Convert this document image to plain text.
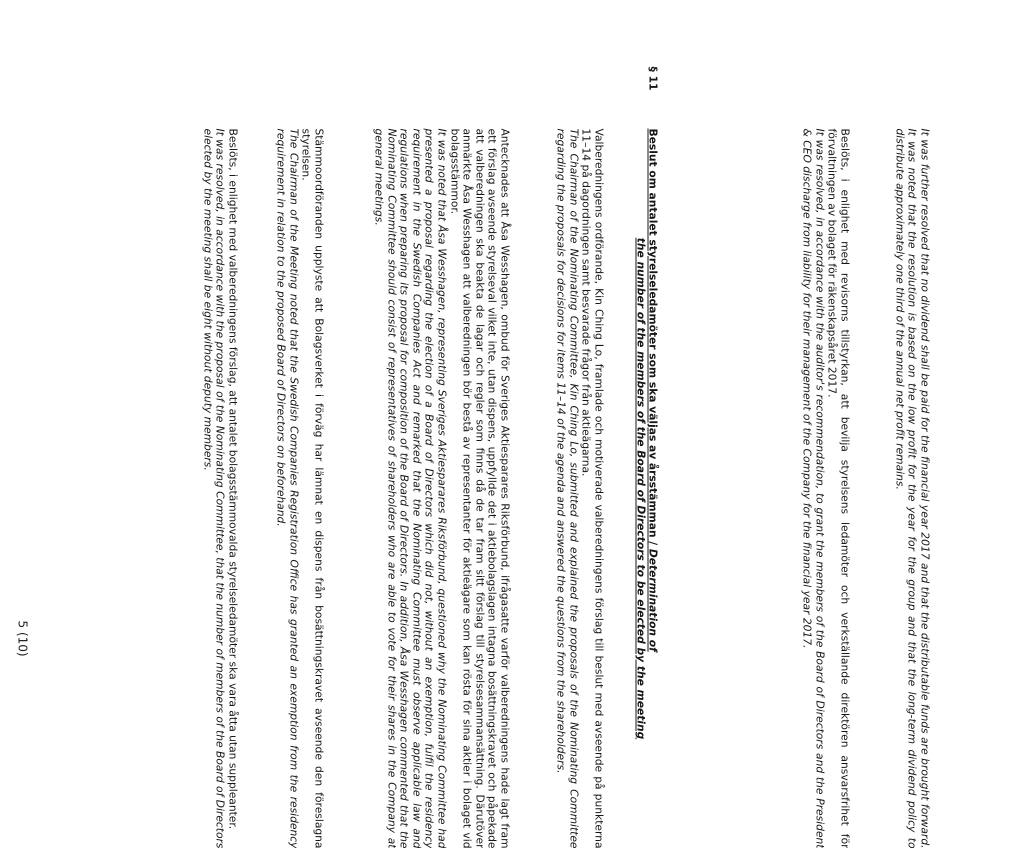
It was further resolved that no dividend shall be paid for the financial year 2017 and that the distributable funds are brought forward. It was noted that the resolution is based on the low profit for the year for the group and that the long-term dividend policy to distribute approximately one third of the annual net profit remains.

Beslöts, i enlighet med revisorns tillstyrkan, att bevilja styrelsens ledamöter och verkställande direktören ansvarsfrihet för förvaltningen av bolaget för räkenskapsåret 2017.

It was resolved, in accordance with the auditor's recommendation, to grant the members of the Board of Directors and the President & CEO discharge from liability for their management of the Company for the financial year 2017.

§ 11
Beslut om antalet styrelseledamöter som ska väljas av årsstämman / Determination of
the number of the members of the Board of Directors to be elected by the meeting

Valberedningens ordförande, Kin Ching Lo, framlade och motiverade valberedningens förslag till beslut med avseende på punkterna 11–14 på dagordningen samt besvarade frågor från aktieägarna.

The Chairman of the Nominating Committee, Kin Ching Lo, submitted and explained the proposals of the Nominating Committee regarding the proposals for decisions for items 11–14 of the agenda and answered the questions from the shareholders.

Antecknades att Åsa Wesshagen, ombud för Sveriges Aktiesparares Riksförbund, ifrågasatte varför valberedningens hade lagt fram ett förslag avseende styrelseval vilket inte, utan dispens, uppfyllde det i aktiebolagslagen intagna bosättningskravet och påpekade att valberedningen ska beakta de lagar och regler som finns då de tar fram sitt förslag till styrelsesammansättning. Därutöver anmärkte Åsa Wesshagen att valberedningen bör bestå av representanter för aktieägare som kan rösta för sina aktier i bolaget vid bolagsstämmor.

It was noted that Åsa Wesshagen, representing Sveriges Aktiesparares Riksförbund, questioned why the Nominating Committee had presented a proposal regarding the election of a Board of Directors which did not, without an exemption, fulfil the residency requirement in the Swedish Companies Act and remarked that the Nominating Committee must observe applicable law and regulations when preparing its proposal for composition of the Board of Directors. In addition, Åsa Wesshagen commented that the Nominating Committee should consist of representatives of shareholders who are able to vote for their shares in the Company at general meetings.

Stämmoordföranden upplyste att Bolagsverket i förväg har lämnat en dispens från bosättningskravet avseende den föreslagna styrelsen.

The Chairman of the Meeting noted that the Swedish Companies Registration Office has granted an exemption from the residency requirement in relation to the proposed Board of Directors on beforehand.

Beslöts, i enlighet med valberedningens förslag, att antalet bolagsstämmovalda styrelseledamöter ska vara åtta utan suppleanter.

It was resolved, in accordance with the proposal of the Nominating Committee, that the number of members of the Board of Directors elected by the meeting shall be eight without deputy members.

5 (10)
